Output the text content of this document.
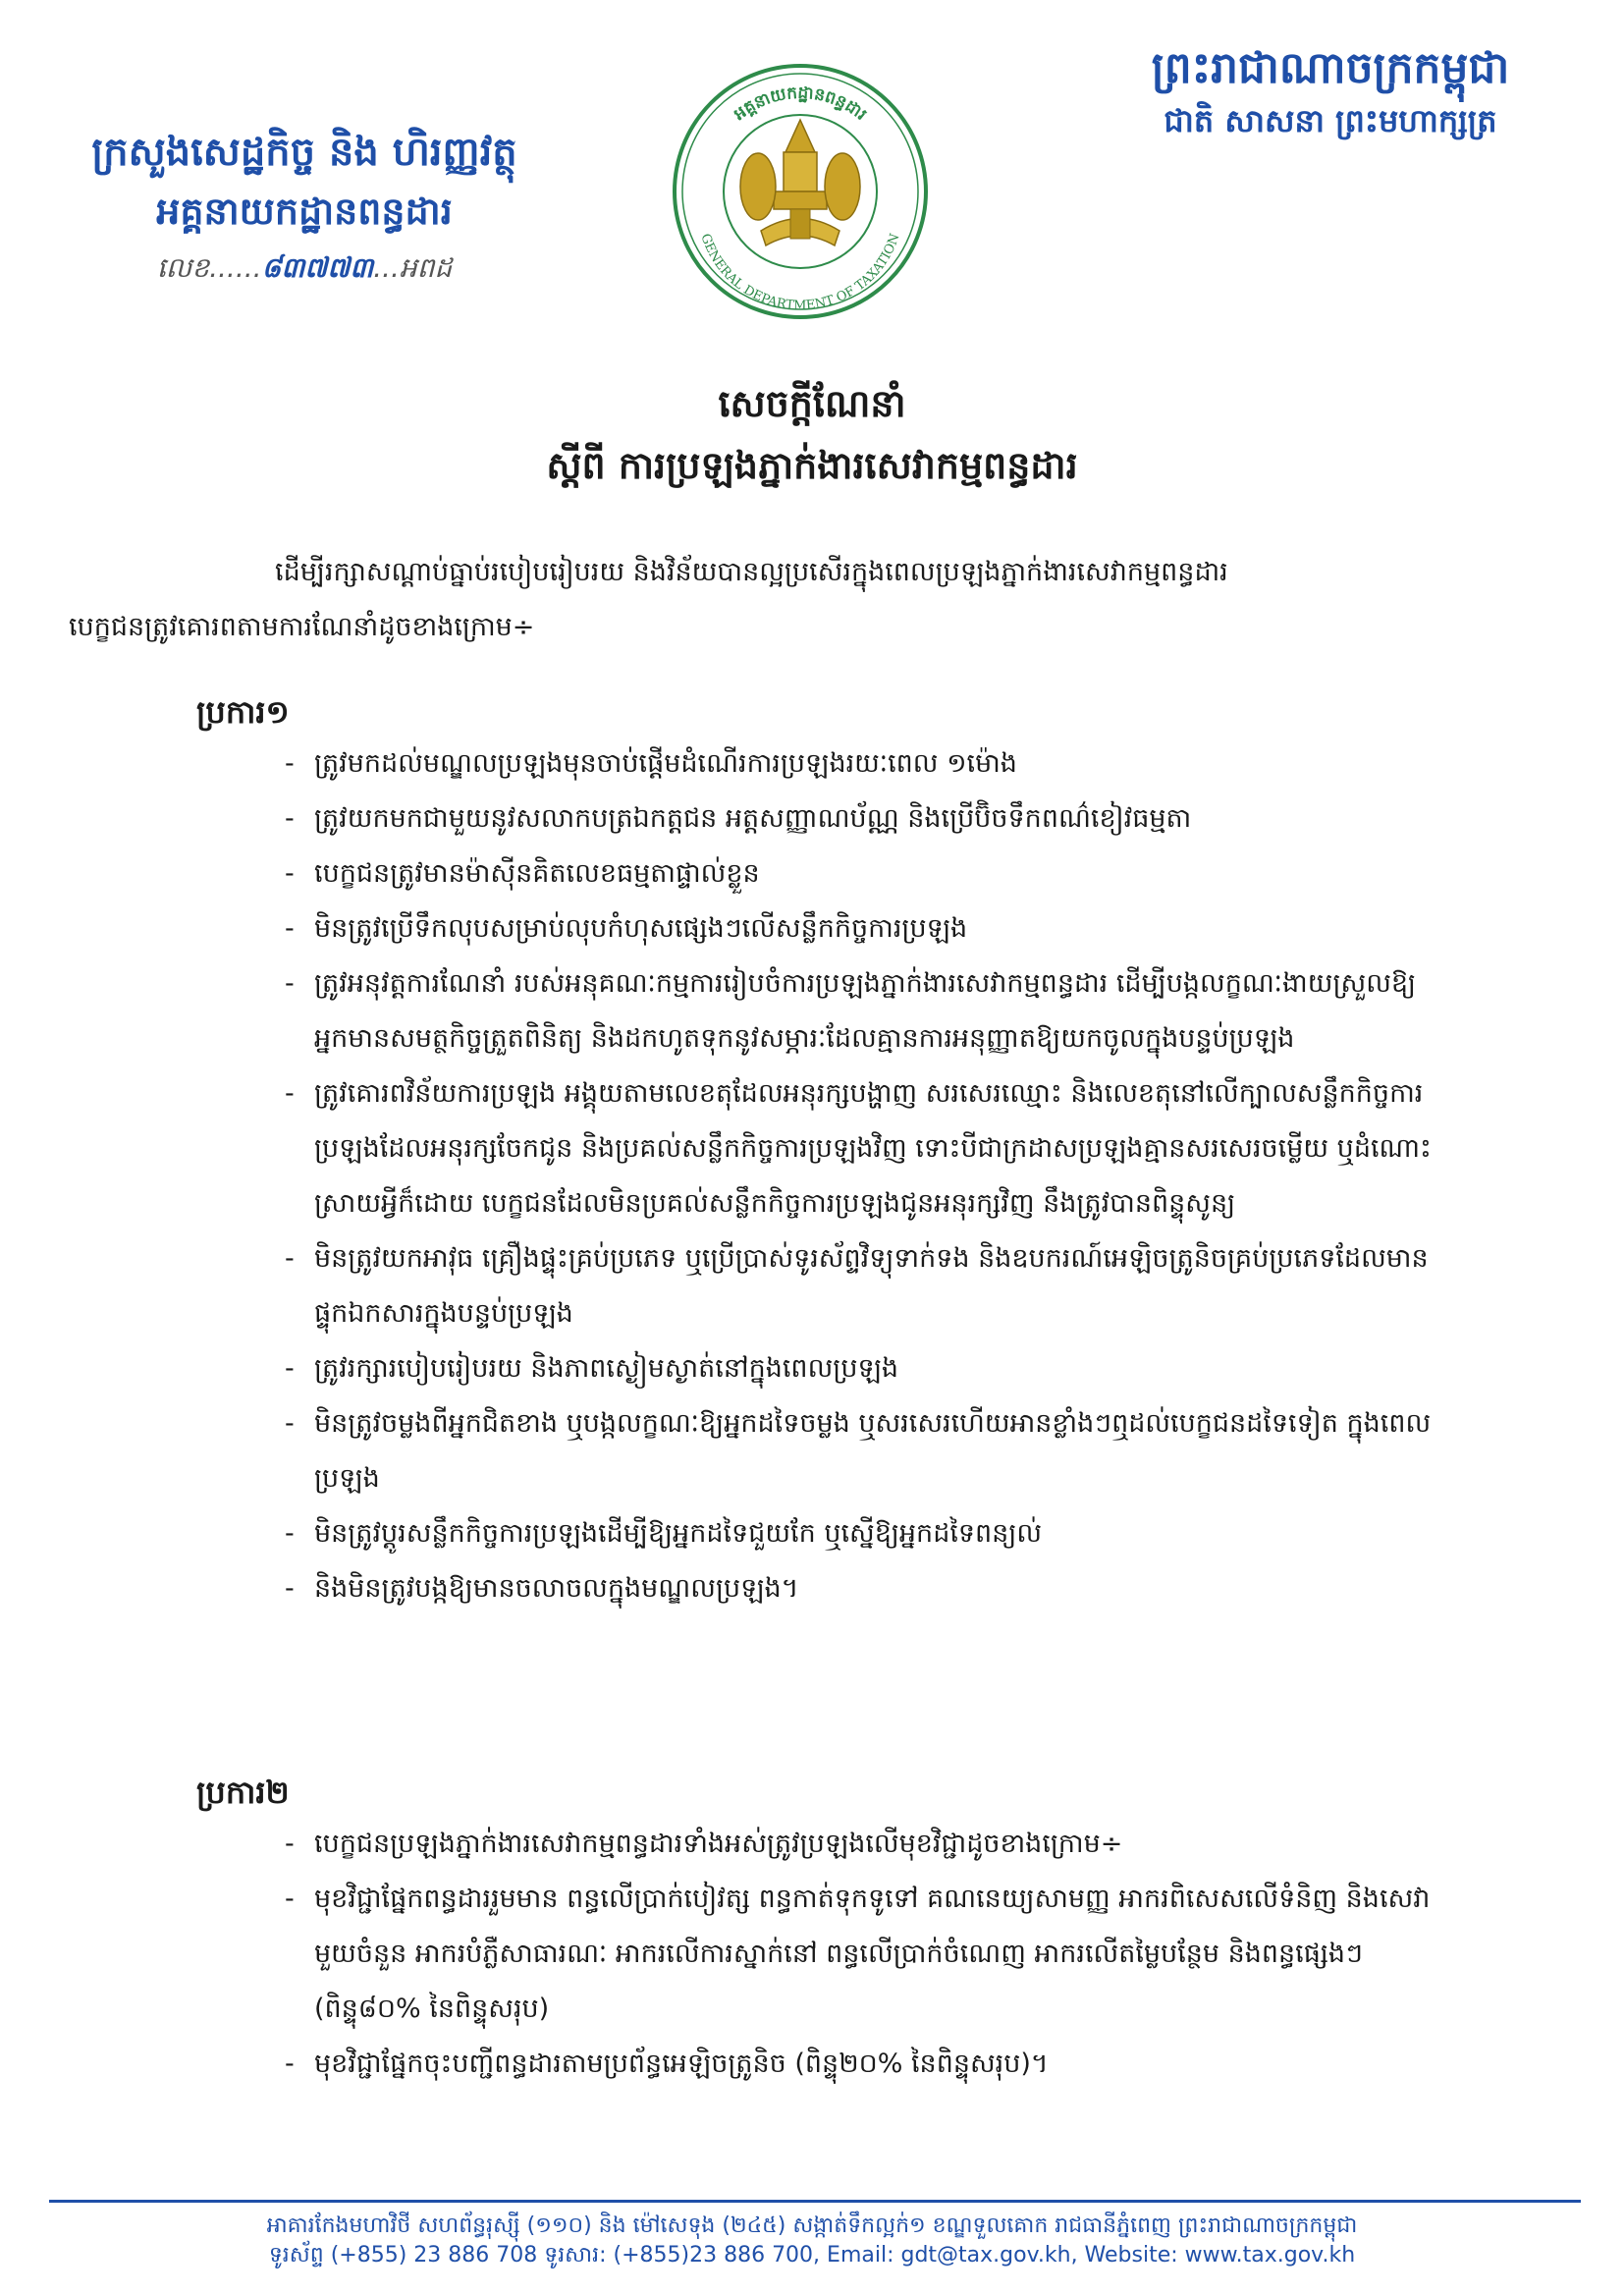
ព្រះរាជាណាចក្រកម្ពុជា
ជាតិ សាសនា ព្រះមហាក្សត្រ
ក្រសួងសេដ្ឋកិច្ច និង ហិរញ្ញវត្ថុ
អគ្គនាយកដ្ឋានពន្ធដារ
លេខ......៨៣៧៧៣...អពដ
អគ្គនាយកដ្ឋានពន្ធដារ
GENERAL DEPARTMENT OF TAXATION
សេចក្តីណែនាំ
ស្តីពី ការប្រឡងភ្នាក់ងារសេវាកម្មពន្ធដារ
ដើម្បីរក្សាសណ្តាប់ធ្នាប់របៀបរៀបរយ និងវិន័យបានល្អប្រសើរក្នុងពេលប្រឡងភ្នាក់ងារសេវាកម្មពន្ធដារ
បេក្ខជនត្រូវគោរពតាមការណែនាំដូចខាងក្រោម÷
ប្រការ១
- ត្រូវមកដល់មណ្ឌលប្រឡងមុនចាប់ផ្តើមដំណើរការប្រឡងរយៈពេល ១ម៉ោង
- ត្រូវយកមកជាមួយនូវសលាកបត្រឯកត្តជន អត្តសញ្ញាណប័ណ្ណ និងប្រើប៊ិចទឹកពណ៌ខៀវធម្មតា
- បេក្ខជនត្រូវមានម៉ាស៊ីនគិតលេខធម្មតាផ្ទាល់ខ្លួន
- មិនត្រូវប្រើទឹកលុបសម្រាប់លុបកំហុសផ្សេងៗលើសន្លឹកកិច្ចការប្រឡង
- ត្រូវអនុវត្តការណែនាំ របស់អនុគណៈកម្មការរៀបចំការប្រឡងភ្នាក់ងារសេវាកម្មពន្ធដារ ដើម្បីបង្កលក្ខណៈងាយស្រួលឱ្យអ្នកមានសមត្ថកិច្ចត្រួតពិនិត្យ និងដកហូតទុកនូវសម្ភារៈដែលគ្មានការអនុញ្ញាតឱ្យយកចូលក្នុងបន្ទប់ប្រឡង
- ត្រូវគោរពវិន័យការប្រឡង អង្គុយតាមលេខតុដែលអនុរក្សបង្ហាញ សរសេរឈ្មោះ និងលេខតុនៅលើក្បាលសន្លឹកកិច្ចការប្រឡងដែលអនុរក្សចែកជូន និងប្រគល់សន្លឹកកិច្ចការប្រឡងវិញ ទោះបីជាក្រដាសប្រឡងគ្មានសរសេរចម្លើយ ឬដំណោះស្រាយអ្វីក៏ដោយ បេក្ខជនដែលមិនប្រគល់សន្លឹកកិច្ចការប្រឡងជូនអនុរក្សវិញ នឹងត្រូវបានពិន្ទុសូន្យ
- មិនត្រូវយកអាវុធ គ្រឿងផ្ទុះគ្រប់ប្រភេទ ឬប្រើប្រាស់ទូរស័ព្ទវិទ្យុទាក់ទង និងឧបករណ៍អេឡិចត្រូនិចគ្រប់ប្រភេទដែលមានផ្ទុកឯកសារក្នុងបន្ទប់ប្រឡង
- ត្រូវរក្សារបៀបរៀបរយ និងភាពស្ងៀមស្ងាត់នៅក្នុងពេលប្រឡង
- មិនត្រូវចម្លងពីអ្នកជិតខាង ឬបង្កលក្ខណៈឱ្យអ្នកដទៃចម្លង ឬសរសេរហើយអានខ្លាំងៗឮដល់បេក្ខជនដទៃទៀត ក្នុងពេលប្រឡង
- មិនត្រូវប្តូរសន្លឹកកិច្ចការប្រឡងដើម្បីឱ្យអ្នកដទៃជួយកែ ឬស្នើឱ្យអ្នកដទៃពន្យល់
- និងមិនត្រូវបង្កឱ្យមានចលាចលក្នុងមណ្ឌលប្រឡង។
ប្រការ២
- បេក្ខជនប្រឡងភ្នាក់ងារសេវាកម្មពន្ធដារទាំងអស់ត្រូវប្រឡងលើមុខវិជ្ជាដូចខាងក្រោម÷
- មុខវិជ្ជាផ្នែកពន្ធដាររួមមាន ពន្ធលើប្រាក់បៀវត្ស ពន្ធកាត់ទុកទូទៅ គណនេយ្យសាមញ្ញ អាករពិសេសលើទំនិញ និងសេវាមួយចំនួន អាករបំភ្លឺសាធារណៈ អាករលើការស្នាក់នៅ ពន្ធលើប្រាក់ចំណេញ អាករលើតម្លៃបន្ថែម និងពន្ធផ្សេងៗ (ពិន្ទុ៨០% នៃពិន្ទុសរុប)
- មុខវិជ្ជាផ្នែកចុះបញ្ជីពន្ធដារតាមប្រព័ន្ធអេឡិចត្រូនិច (ពិន្ទុ២០% នៃពិន្ទុសរុប)។
អាគារកែងមហាវិថី សហព័ន្ធរុស្ស៊ី (១១០) និង ម៉ៅសេទុង (២៤៥) សង្កាត់ទឹកល្អក់១ ខណ្ឌទួលគោក រាជធានីភ្នំពេញ ព្រះរាជាណាចក្រកម្ពុជា
ទូរស័ព្ទ (+855) 23 886 708 ទូរសារ: (+855)23 886 700, Email: gdt@tax.gov.kh, Website: www.tax.gov.kh
